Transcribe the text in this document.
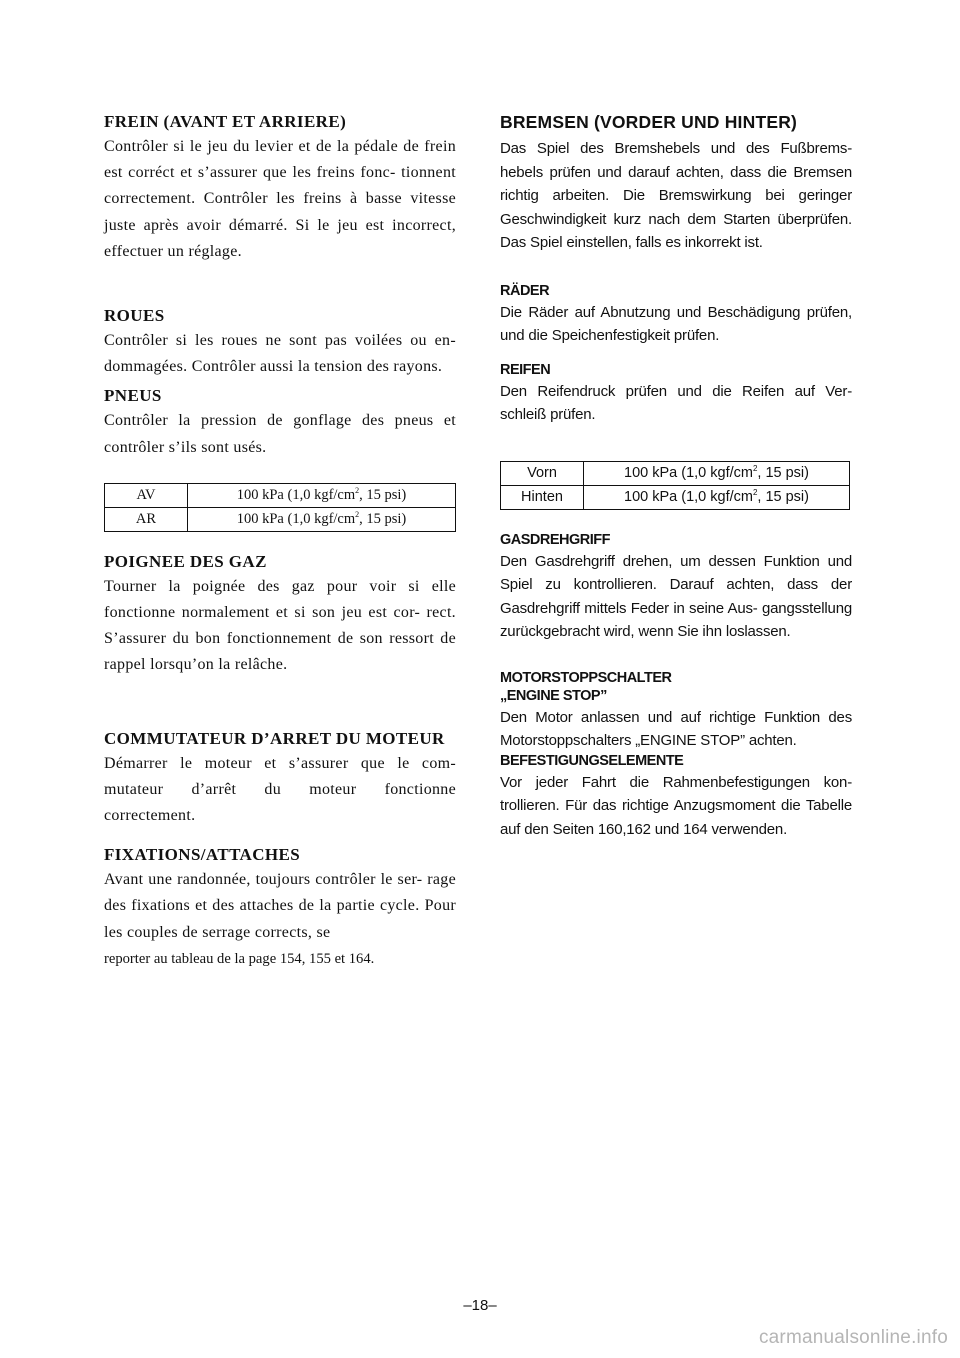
FREIN (AVANT ET ARRIERE)

Contrôler si le jeu du levier et de la pédale de frein est corréct et s’assurer que les freins fonc- tionnent correctement. Contrôler les freins à basse vitesse juste après avoir démarré. Si le jeu est incorrect, effectuer un réglage.

ROUES

Contrôler si les roues ne sont pas voilées ou en- dommagées. Contrôler aussi la tension des rayons.

PNEUS

Contrôler la pression de gonflage des pneus et contrôler s’ils sont usés.

AV	100 kPa (1,0 kgf/$cm^2$, 15 psi)
AR	100 kPa (1,0 kgf/$cm^2$, 15 psi)
POIGNEE DES GAZ

Tourner la poignée des gaz pour voir si elle fonctionne normalement et si son jeu est cor- rect. S’assurer du bon fonctionnement de son ressort de rappel lorsqu’on la relâche.

COMMUTATEUR D’ARRET DU MOTEUR

Démarrer le moteur et s’assurer que le com- mutateur d’arrêt du moteur fonctionne correctement.

FIXATIONS/ATTACHES

Avant une randonnée, toujours contrôler le ser- rage des fixations et des attaches de la partie cycle. Pour les couples de serrage corrects, se

reporter au tableau de la page 154, 155 et 164.

BREMSEN (VORDER UND HINTER)

Das Spiel des Bremshebels und des Fußbrems- hebels prüfen und darauf achten, dass die Bremsen richtig arbeiten. Die Bremswirkung bei geringer Geschwindigkeit kurz nach dem Starten überprüfen. Das Spiel einstellen, falls es inkorrekt ist.

RÄDER

Die Räder auf Abnutzung und Beschädigung prüfen, und die Speichenfestigkeit prüfen.

REIFEN

Den Reifendruck prüfen und die Reifen auf Ver- schleiß prüfen.

Vorn	100 kPa (1,0 kgf/$cm^2$, 15 psi)
Hinten	100 kPa (1,0 kgf/$cm^2$, 15 psi)
GASDREHGRIFF

Den Gasdrehgriff drehen, um dessen Funktion und Spiel zu kontrollieren. Darauf achten, dass der Gasdrehgriff mittels Feder in seine Aus- gangsstellung zurückgebracht wird, wenn Sie ihn loslassen.

MOTORSTOPPSCHALTER
„ENGINE STOP”

Den Motor anlassen und auf richtige Funktion des Motorstoppschalters „ENGINE STOP” achten.

BEFESTIGUNGSELEMENTE

Vor jeder Fahrt die Rahmenbefestigungen kon- trollieren. Für das richtige Anzugsmoment die Tabelle auf den Seiten 160,162 und 164 verwenden.

–18–
carmanualsonline.info
